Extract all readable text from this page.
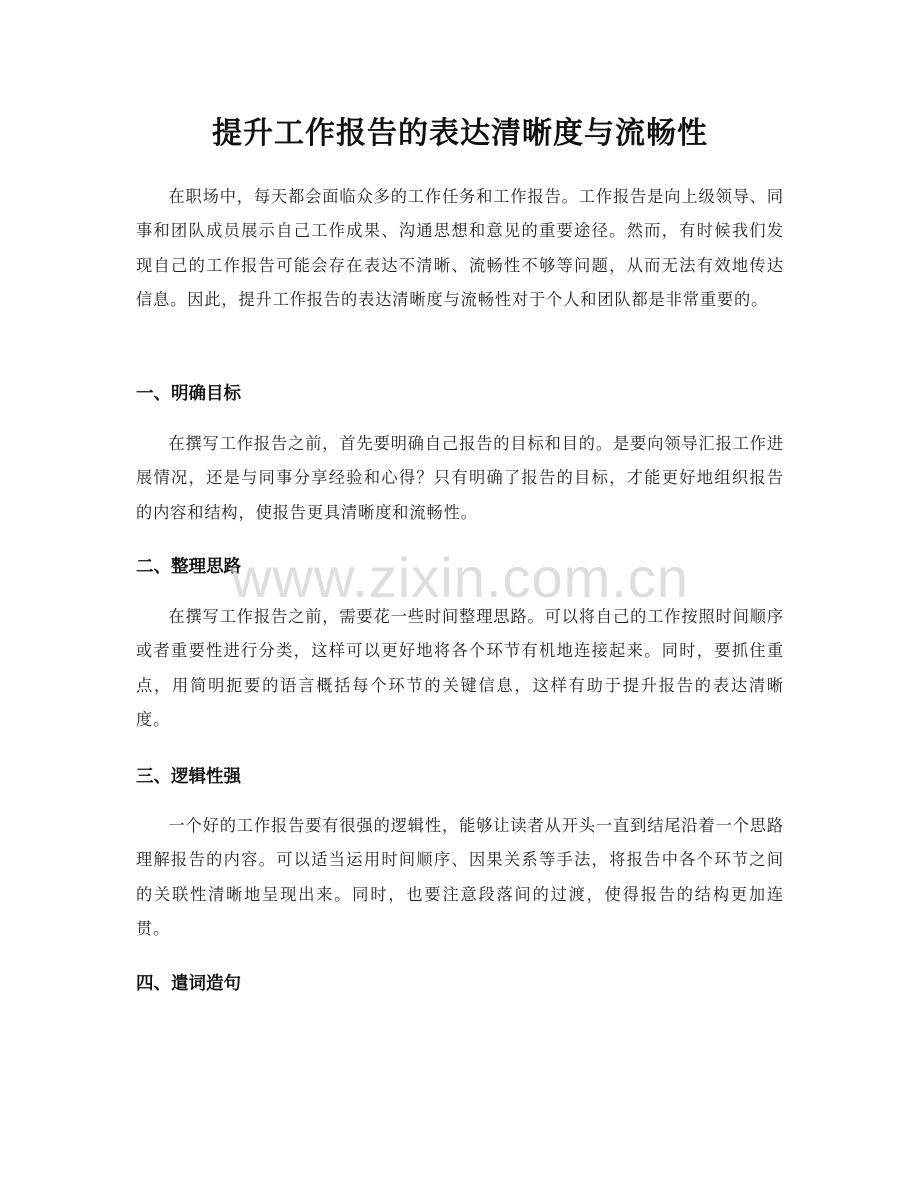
提升工作报告的表达清晰度与流畅性

在职场中，每天都会面临众多的工作任务和工作报告。工作报告是向上级领导、同事和团队成员展示自己工作成果、沟通思想和意见的重要途径。然而，有时候我们发现自己的工作报告可能会存在表达不清晰、流畅性不够等问题，从而无法有效地传达信息。因此，提升工作报告的表达清晰度与流畅性对于个人和团队都是非常重要的。

一、明确目标

在撰写工作报告之前，首先要明确自己报告的目标和目的。是要向领导汇报工作进展情况，还是与同事分享经验和心得？只有明确了报告的目标，才能更好地组织报告的内容和结构，使报告更具清晰度和流畅性。

二、整理思路

在撰写工作报告之前，需要花一些时间整理思路。可以将自己的工作按照时间顺序或者重要性进行分类，这样可以更好地将各个环节有机地连接起来。同时，要抓住重点，用简明扼要的语言概括每个环节的关键信息，这样有助于提升报告的表达清晰度。

三、逻辑性强

一个好的工作报告要有很强的逻辑性，能够让读者从开头一直到结尾沿着一个思路理解报告的内容。可以适当运用时间顺序、因果关系等手法，将报告中各个环节之间的关联性清晰地呈现出来。同时，也要注意段落间的过渡，使得报告的结构更加连贯。

四、遣词造句
www.zixin.com.cn
